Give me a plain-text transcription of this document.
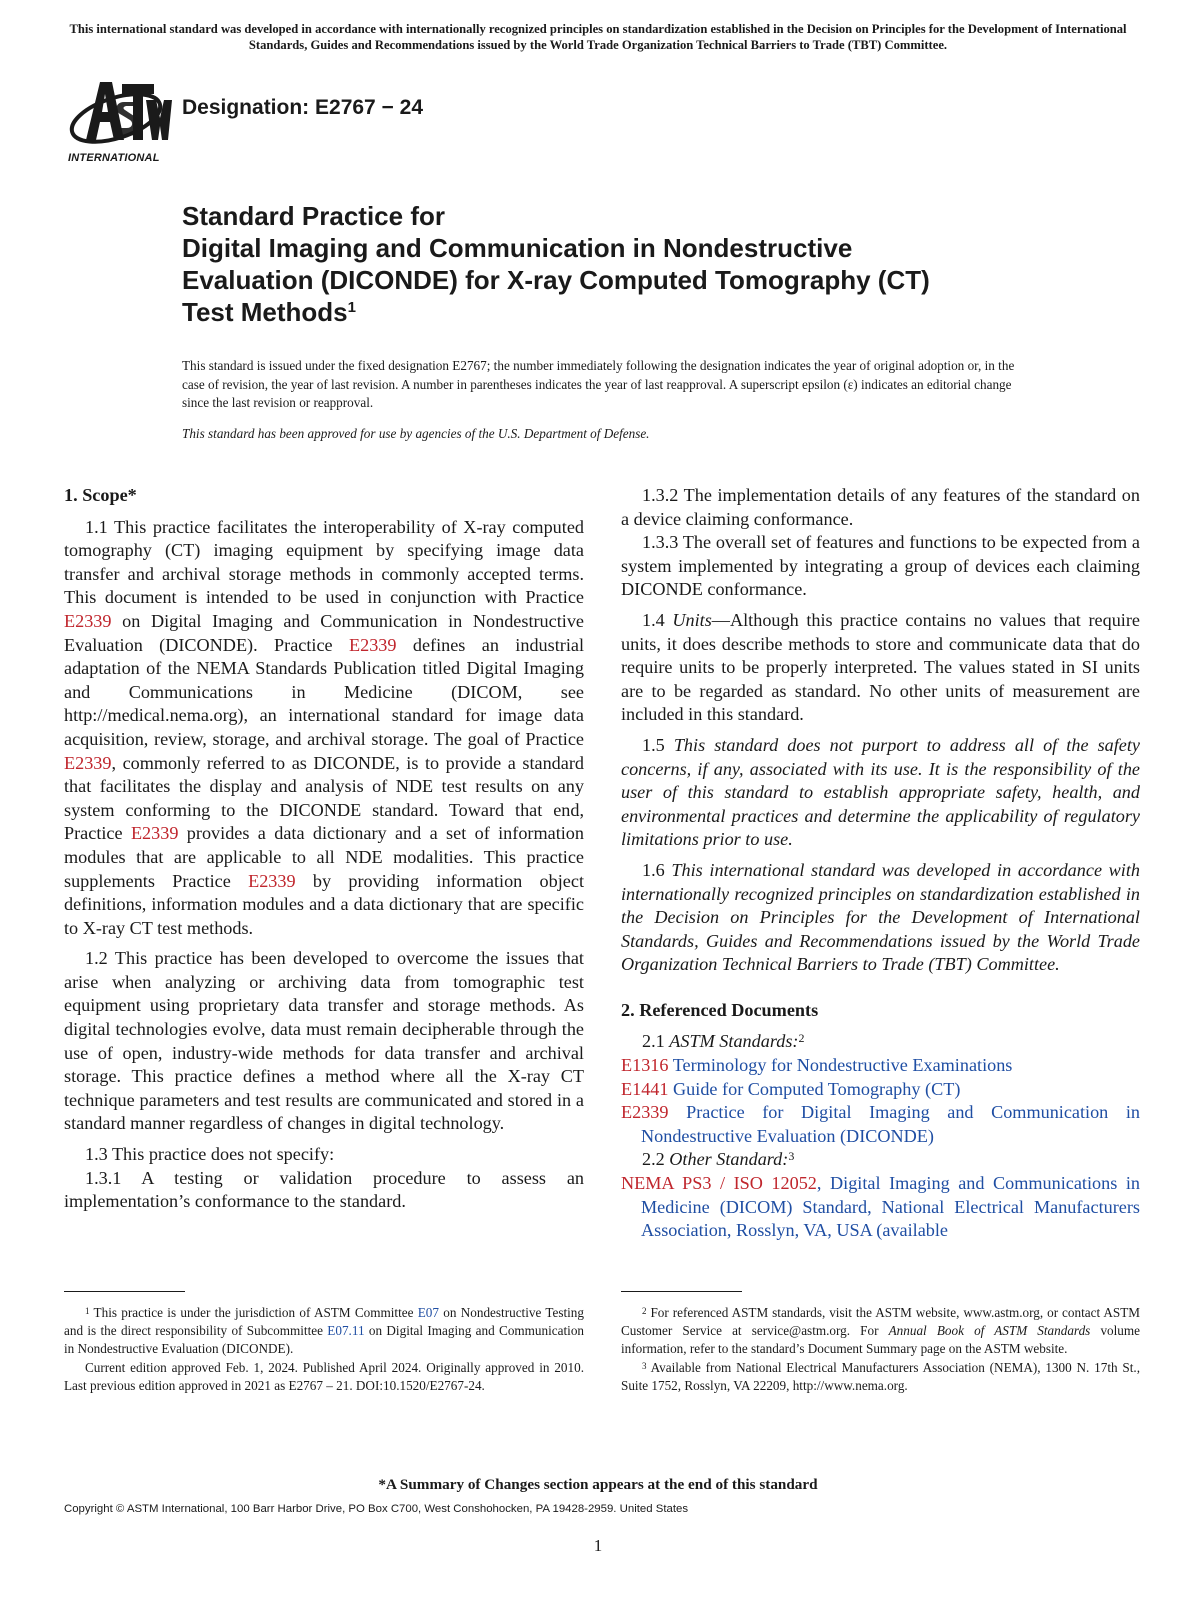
This international standard was developed in accordance with internationally recognized principles on standardization established in the Decision on Principles for the Development of International Standards, Guides and Recommendations issued by the World Trade Organization Technical Barriers to Trade (TBT) Committee.
INTERNATIONAL
Designation: E2767 − 24
Standard Practice for
Digital Imaging and Communication in Nondestructive
Evaluation (DICONDE) for X-ray Computed Tomography (CT)
Test Methods$^1$
This standard is issued under the fixed designation E2767; the number immediately following the designation indicates the year of original adoption or, in the case of revision, the year of last revision. A number in parentheses indicates the year of last reapproval. A superscript epsilon (ε) indicates an editorial change since the last revision or reapproval.
This standard has been approved for use by agencies of the U.S. Department of Defense.

1. Scope*

1.1 This practice facilitates the interoperability of X-ray computed tomography (CT) imaging equipment by specifying image data transfer and archival storage methods in commonly accepted terms. This document is intended to be used in conjunction with Practice E2339 on Digital Imaging and Communication in Nondestructive Evaluation (DICONDE). Practice E2339 defines an industrial adaptation of the NEMA Standards Publication titled Digital Imaging and Communications in Medicine (DICOM, see http://medical.nema.org), an international standard for image data acquisition, review, storage, and archival storage. The goal of Practice E2339, commonly referred to as DICONDE, is to provide a standard that facilitates the display and analysis of NDE test results on any system conforming to the DICONDE standard. Toward that end, Practice E2339 provides a data dictionary and a set of information modules that are applicable to all NDE modalities. This practice supplements Practice E2339 by providing information object definitions, information modules and a data dictionary that are specific to X-ray CT test methods.

1.2 This practice has been developed to overcome the issues that arise when analyzing or archiving data from tomographic test equipment using proprietary data transfer and storage methods. As digital technologies evolve, data must remain decipherable through the use of open, industry-wide methods for data transfer and archival storage. This practice defines a method where all the X-ray CT technique parameters and test results are communicated and stored in a standard manner regardless of changes in digital technology.

1.3 This practice does not specify:

1.3.1 A testing or validation procedure to assess an implementation’s conformance to the standard.

1.3.2 The implementation details of any features of the standard on a device claiming conformance.

1.3.3 The overall set of features and functions to be expected from a system implemented by integrating a group of devices each claiming DICONDE conformance.

1.4 Units—Although this practice contains no values that require units, it does describe methods to store and communicate data that do require units to be properly interpreted. The values stated in SI units are to be regarded as standard. No other units of measurement are included in this standard.

1.5 This standard does not purport to address all of the safety concerns, if any, associated with its use. It is the responsibility of the user of this standard to establish appropriate safety, health, and environmental practices and determine the applicability of regulatory limitations prior to use.

1.6 This international standard was developed in accordance with internationally recognized principles on standardization established in the Decision on Principles for the Development of International Standards, Guides and Recommendations issued by the World Trade Organization Technical Barriers to Trade (TBT) Committee.

2. Referenced Documents

2.1 ASTM Standards:$^2$

E1316 Terminology for Nondestructive Examinations

E1441 Guide for Computed Tomography (CT)

E2339 Practice for Digital Imaging and Communication in Nondestructive Evaluation (DICONDE)

2.2 Other Standard:$^3$

NEMA PS3 / ISO 12052, Digital Imaging and Communications in Medicine (DICOM) Standard, National Electrical Manufacturers Association, Rosslyn, VA, USA (available

$^1$ This practice is under the jurisdiction of ASTM Committee E07 on Nondestructive Testing and is the direct responsibility of Subcommittee E07.11 on Digital Imaging and Communication in Nondestructive Evaluation (DICONDE).

Current edition approved Feb. 1, 2024. Published April 2024. Originally approved in 2010. Last previous edition approved in 2021 as E2767 – 21. DOI:10.1520/E2767-24.

$^2$ For referenced ASTM standards, visit the ASTM website, www.astm.org, or contact ASTM Customer Service at service@astm.org. For Annual Book of ASTM Standards volume information, refer to the standard’s Document Summary page on the ASTM website.

$^3$ Available from National Electrical Manufacturers Association (NEMA), 1300 N. 17th St., Suite 1752, Rosslyn, VA 22209, http://www.nema.org.

*A Summary of Changes section appears at the end of this standard
Copyright © ASTM International, 100 Barr Harbor Drive, PO Box C700, West Conshohocken, PA 19428-2959. United States
1
